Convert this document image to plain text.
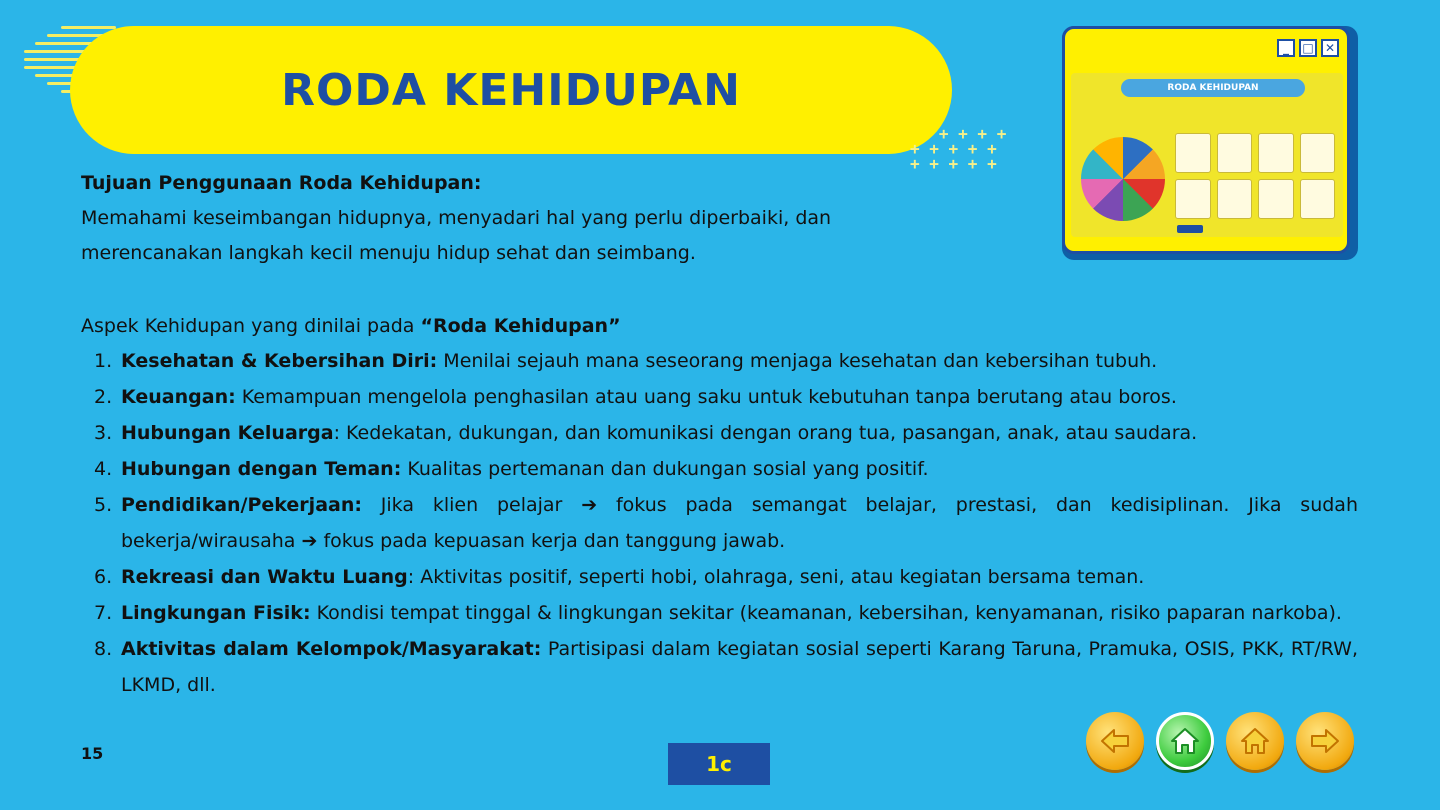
RODA KEHIDUPAN
+ + + +
+ + + + +
+ + + + +

Tujuan Penggunaan Roda Kehidupan:

Memahami keseimbangan hidupnya, menyadari hal yang perlu diperbaiki, dan

merencanakan langkah kecil menuju hidup sehat dan seimbang.

Aspek Kehidupan yang dinilai pada “Roda Kehidupan”
1. Kesehatan & Kebersihan Diri: Menilai sejauh mana seseorang menjaga kesehatan dan kebersihan tubuh.
2. Keuangan: Kemampuan mengelola penghasilan atau uang saku untuk kebutuhan tanpa berutang atau boros.
3. Hubungan Keluarga: Kedekatan, dukungan, dan komunikasi dengan orang tua, pasangan, anak, atau saudara.
4. Hubungan dengan Teman: Kualitas pertemanan dan dukungan sosial yang positif.
5. Pendidikan/Pekerjaan: Jika klien pelajar ➔ fokus pada semangat belajar, prestasi, dan kedisiplinan. Jika sudah bekerja/wirausaha ➔ fokus pada kepuasan kerja dan tanggung jawab.
6. Rekreasi dan Waktu Luang: Aktivitas positif, seperti hobi, olahraga, seni, atau kegiatan bersama teman.
7. Lingkungan Fisik: Kondisi tempat tinggal & lingkungan sekitar (keamanan, kebersihan, kenyamanan, risiko paparan narkoba).
8. Aktivitas dalam Kelompok/Masyarakat: Partisipasi dalam kegiatan sosial seperti Karang Taruna, Pramuka, OSIS, PKK, RT/RW, LKMD, dll.
_	□ ✕
RODA KEHIDUPAN
15	1c
